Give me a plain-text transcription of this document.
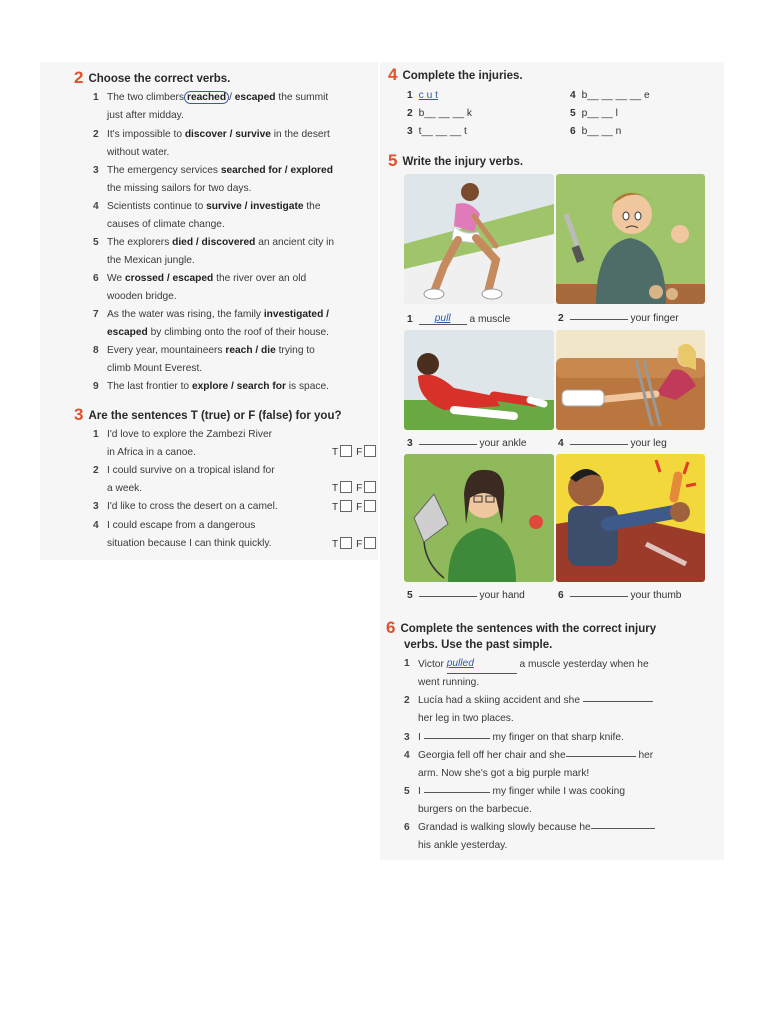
2 Choose the correct verbs.
1 The two climbers reached / escaped the summit
just after midday.
2 It's impossible to discover / survive in the desert
without water.
3 The emergency services searched for / explored
the missing sailors for two days.
4 Scientists continue to survive / investigate the
causes of climate change.
5 The explorers died / discovered an ancient city in
the Mexican jungle.
6 We crossed / escaped the river over an old
wooden bridge.
7 As the water was rising, the family investigated /
escaped by climbing onto the roof of their house.
8 Every year, mountaineers reach / die trying to
climb Mount Everest.
9 The last frontier to explore / search for is space.
3 Are the sentences T (true) or F (false) for you?
1 I'd love to explore the Zambezi River
in Africa in a canoe.	T F
2 I could survive on a tropical island for
a week.	T F
3 I'd like to cross the desert on a camel.	T F
4 I could escape from a dangerous
situation because I can think quickly.	T F
4 Complete the injuries.
1 c u t
2 b__ __ __ k
3 t__ __ __ t
4 b__ __ __ __ e
5 p__ __ l
6 b__ __ n
5 Write the injury verbs.
1 pull a muscle	2	your finger
3	your ankle	4	your leg
5	your hand	6	your thumb
6 Complete the sentences with the correct injury
verbs. Use the past simple.
1 Victor pulled	a muscle yesterday when he
went running.
2 Lucía had a skiing accident and she
her leg in two places.
3 I	my finger on that sharp knife.
4 Georgia fell off her chair and she	her
arm. Now she's got a big purple mark!
5 I	my finger while I was cooking
burgers on the barbecue.
6 Grandad is walking slowly because he
his ankle yesterday.
